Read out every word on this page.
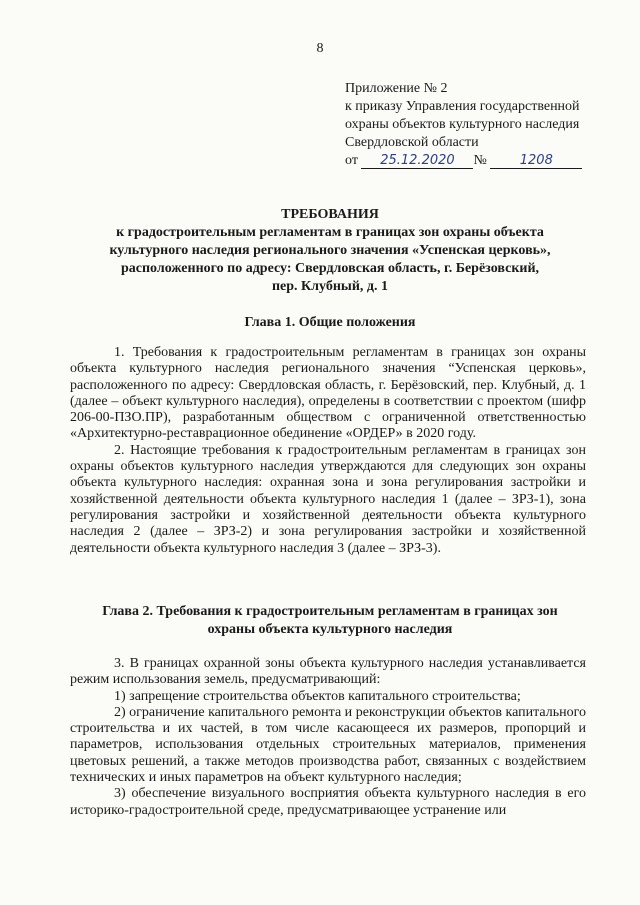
8
Приложение № 2
к приказу Управления государственной
охраны объектов культурного наследия
Свердловской области
от 25.12.2020 №	1208
ТРЕБОВАНИЯ
к градостроительным регламентам в границах зон охраны объекта
культурного наследия регионального значения «Успенская церковь»,
расположенного по адресу: Свердловская область, г. Берёзовский,
пер. Клубный, д. 1
Глава 1. Общие положения

1. Требования к градостроительным регламентам в границах зон охраны объекта культурного наследия регионального значения “Успенская церковь», расположенного по адресу: Свердловская область, г. Берёзовский, пер. Клубный, д. 1 (далее – объект культурного наследия), определены в соответствии с проектом (шифр 206-00-ПЗО.ПР), разработанным обществом с ограниченной ответственностью «Архитектурно-реставрационное обединение «ОРДЕР» в 2020 году.

2. Настоящие требования к градостроительным регламентам в границах зон охраны объектов культурного наследия утверждаются для следующих зон охраны объекта культурного наследия: охранная зона и зона регулирования застройки и хозяйственной деятельности объекта культурного наследия 1 (далее – ЗРЗ-1), зона регулирования застройки и хозяйственной деятельности объекта культурного наследия 2 (далее – ЗРЗ-2) и зона регулирования застройки и хозяйственной деятельности объекта культурного наследия 3 (далее – ЗРЗ-3).

Глава 2. Требования к градостроительным регламентам в границах зон
охраны объекта культурного наследия

3. В границах охранной зоны объекта культурного наследия устанавливается режим использования земель, предусматривающий:

1) запрещение строительства объектов капитального строительства;

2) ограничение капитального ремонта и реконструкции объектов капитального строительства и их частей, в том числе касающееся их размеров, пропорций и параметров, использования отдельных строительных материалов, применения цветовых решений, а также методов производства работ, связанных с воздействием технических и иных параметров на объект культурного наследия;

3) обеспечение визуального восприятия объекта культурного наследия в его историко-градостроительной среде, предусматривающее устранение или
